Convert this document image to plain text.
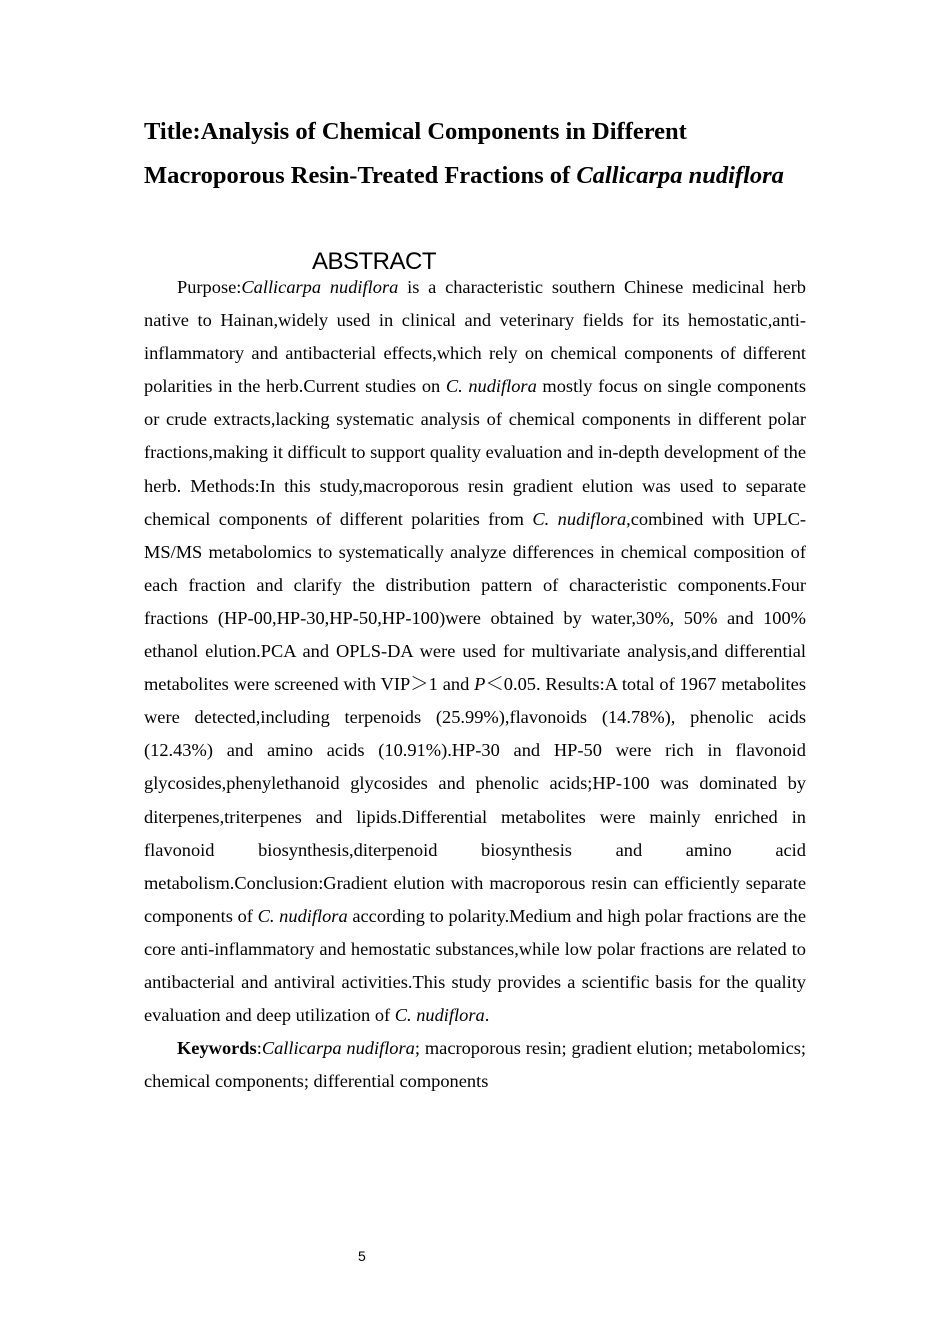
Title:Analysis of Chemical Components in Different Macroporous Resin-Treated Fractions of Callicarpa nudiflora
ABSTRACT

Purpose:Callicarpa nudiflora is a characteristic southern Chinese medicinal herb native to Hainan,widely used in clinical and veterinary fields for its hemostatic,anti-inflammatory and antibacterial effects,which rely on chemical components of different polarities in the herb.Current studies on C. nudiflora mostly focus on single components or crude extracts,lacking systematic analysis of chemical components in different polar fractions,making it difficult to support quality evaluation and in-depth development of the herb. Methods:In this study,macroporous resin gradient elution was used to separate chemical components of different polarities from C. nudiflora,combined with UPLC-MS/MS metabolomics to systematically analyze differences in chemical composition of each fraction and clarify the distribution pattern of characteristic components.Four fractions (HP-00,HP-30,HP-50,HP-100)were obtained by water,30%, 50% and 100% ethanol elution.PCA and OPLS-DA were used for multivariate analysis,and differential metabolites were screened with VIP＞1 and P＜0.05. Results:A total of 1967 metabolites were detected,including terpenoids (25.99%),flavonoids (14.78%), phenolic acids (12.43%) and amino acids (10.91%).HP-30 and HP-50 were rich in flavonoid glycosides,phenylethanoid glycosides and phenolic acids;HP-100 was dominated by diterpenes,triterpenes and lipids.Differential metabolites were mainly enriched in flavonoid biosynthesis,diterpenoid biosynthesis and amino acid metabolism.Conclusion:Gradient elution with macroporous resin can efficiently separate components of C. nudiflora according to polarity.Medium and high polar fractions are the core anti-inflammatory and hemostatic substances,while low polar fractions are related to antibacterial and antiviral activities.This study provides a scientific basis for the quality evaluation and deep utilization of C. nudiflora.

Keywords:Callicarpa nudiflora; macroporous resin; gradient elution; metabolomics; chemical components; differential components

5
